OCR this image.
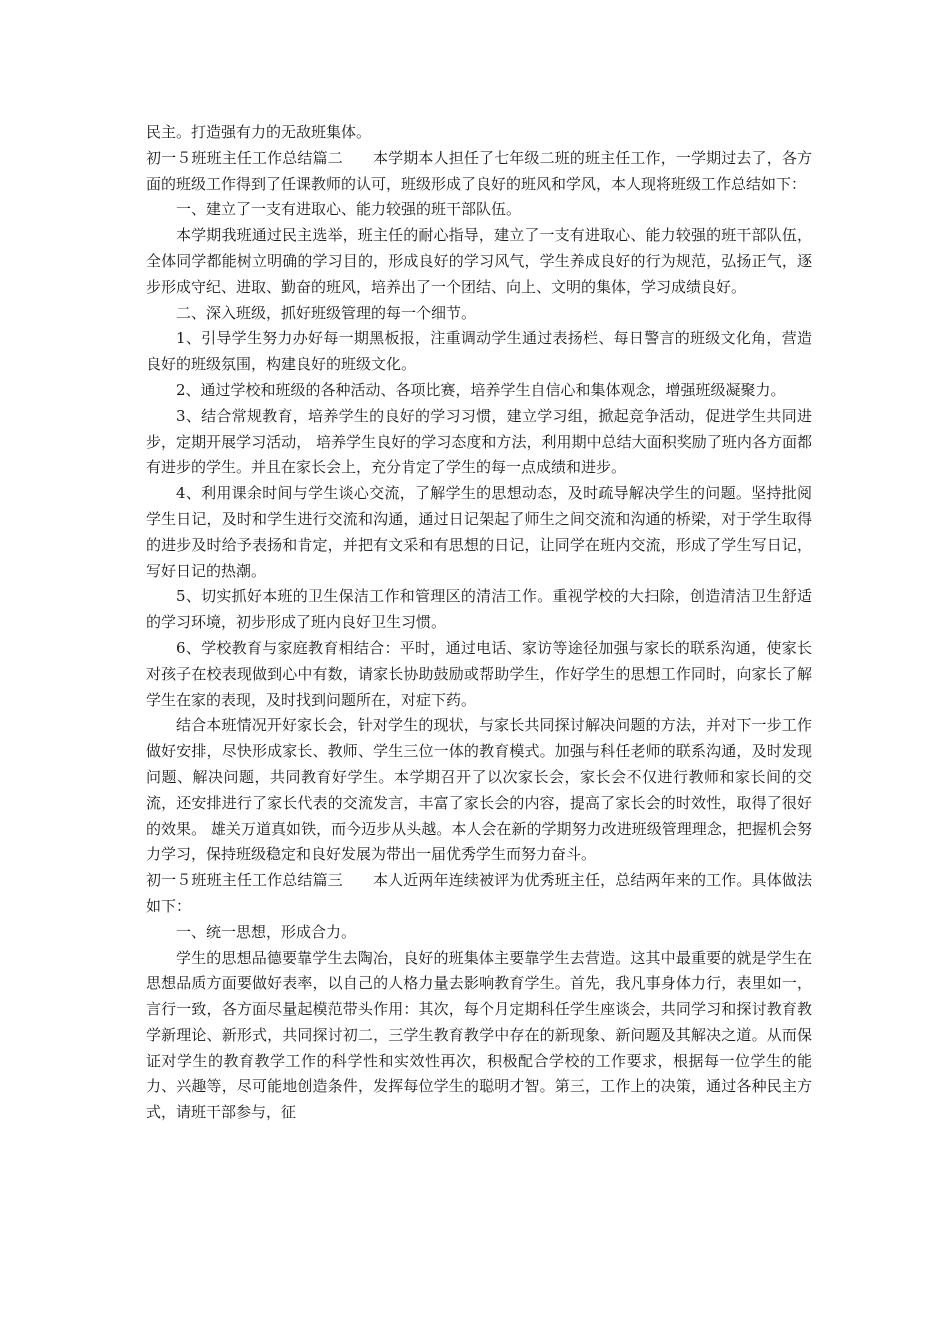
民主。打造强有力的无敌班集体。

初一５班班主任工作总结篇二 本学期本人担任了七年级二班的班主任工作，一学期过去了，各方面的班级工作得到了任课教师的认可，班级形成了良好的班风和学风，本人现将班级工作总结如下：

一、建立了一支有进取心、能力较强的班干部队伍。

本学期我班通过民主选举，班主任的耐心指导，建立了一支有进取心、能力较强的班干部队伍，全体同学都能树立明确的学习目的，形成良好的学习风气，学生养成良好的行为规范，弘扬正气，逐步形成守纪、进取、勤奋的班风，培养出了一个团结、向上、文明的集体，学习成绩良好。

二、深入班级，抓好班级管理的每一个细节。

1、引导学生努力办好每一期黑板报，注重调动学生通过表扬栏、每日警言的班级文化角，营造良好的班级氛围，构建良好的班级文化。

2、通过学校和班级的各种活动、各项比赛，培养学生自信心和集体观念，增强班级凝聚力。

3、结合常规教育，培养学生的良好的学习习惯，建立学习组，掀起竞争活动，促进学生共同进步，定期开展学习活动， 培养学生良好的学习态度和方法，利用期中总结大面积奖励了班内各方面都有进步的学生。并且在家长会上，充分肯定了学生的每一点成绩和进步。

4、利用课余时间与学生谈心交流，了解学生的思想动态，及时疏导解决学生的问题。坚持批阅学生日记，及时和学生进行交流和沟通，通过日记架起了师生之间交流和沟通的桥梁，对于学生取得的进步及时给予表扬和肯定，并把有文采和有思想的日记，让同学在班内交流，形成了学生写日记，写好日记的热潮。

5、切实抓好本班的卫生保洁工作和管理区的清洁工作。重视学校的大扫除，创造清洁卫生舒适的学习环境，初步形成了班内良好卫生习惯。

6、学校教育与家庭教育相结合：平时，通过电话、家访等途径加强与家长的联系沟通，使家长对孩子在校表现做到心中有数，请家长协助鼓励或帮助学生，作好学生的思想工作同时，向家长了解学生在家的表现，及时找到问题所在，对症下药。

结合本班情况开好家长会，针对学生的现状，与家长共同探讨解决问题的方法，并对下一步工作做好安排，尽快形成家长、教师、学生三位一体的教育模式。加强与科任老师的联系沟通，及时发现问题、解决问题，共同教育好学生。本学期召开了以次家长会，家长会不仅进行教师和家长间的交流，还安排进行了家长代表的交流发言，丰富了家长会的内容，提高了家长会的时效性，取得了很好的效果。 雄关万道真如铁，而今迈步从头越。本人会在新的学期努力改进班级管理理念，把握机会努力学习，保持班级稳定和良好发展为带出一届优秀学生而努力奋斗。

初一５班班主任工作总结篇三 本人近两年连续被评为优秀班主任，总结两年来的工作。具体做法如下：

一、统一思想，形成合力。

学生的思想品德要靠学生去陶冶，良好的班集体主要靠学生去营造。这其中最重要的就是学生在思想品质方面要做好表率，以自己的人格力量去影响教育学生。首先，我凡事身体力行，表里如一，言行一致，各方面尽量起模范带头作用：其次，每个月定期科任学生座谈会，共同学习和探讨教育教学新理论、新形式，共同探讨初二，三学生教育教学中存在的新现象、新问题及其解决之道。从而保证对学生的教育教学工作的科学性和实效性再次，积极配合学校的工作要求，根据每一位学生的能力、兴趣等，尽可能地创造条件，发挥每位学生的聪明才智。第三，工作上的决策，通过各种民主方式，请班干部参与，征
